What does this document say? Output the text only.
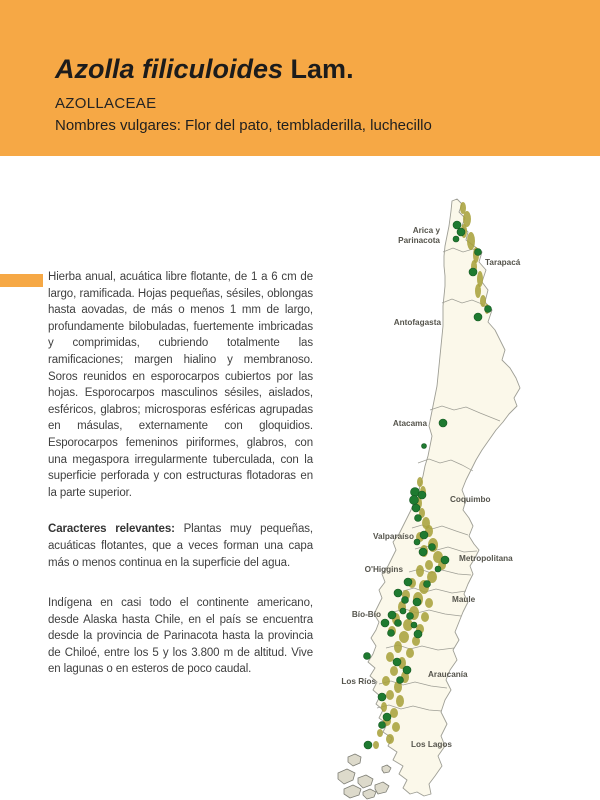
Azolla filiculoides Lam.
AZOLLACEAE
Nombres vulgares: Flor del pato, tembladerilla, luchecillo

Hierba anual, acuática libre flotante, de 1 a 6 cm de largo, ramificada. Hojas pequeñas, sésiles, oblongas hasta aovadas, de más o menos 1 mm de largo, profundamente bilobuladas, fuertemente imbricadas y comprimidas, cubriendo totalmente las ramificaciones; margen hialino y membranoso. Soros reunidos en esporocarpos cubiertos por las hojas. Esporocarpos masculinos sésiles, aislados, esféricos, glabros; microsporas esféricas agrupadas en másulas, externamente con gloquidios. Esporocarpos femeninos piriformes, glabros, con una megaspora irregularmente tuberculada, con la superficie perforada y con estructuras flotadoras en la parte superior.

Caracteres relevantes: Plantas muy pequeñas, acuáticas flotantes, que a veces forman una capa más o menos continua en la superficie del agua.

Indígena en casi todo el continente americano, desde Alaska hasta Chile, en el país se encuentra desde la provincia de Parinacota hasta la provincia de Chiloé, entre los 5 y los 3.800 m de altitud. Vive en lagunas o en esteros de poco caudal.

Arica y Parinacota
Tarapacá
Antofagasta
Atacama
Coquimbo
Valparaíso
Metropolitana
O'Higgins
Maule
Bío-Bío
Araucanía
Los Ríos
Los Lagos
